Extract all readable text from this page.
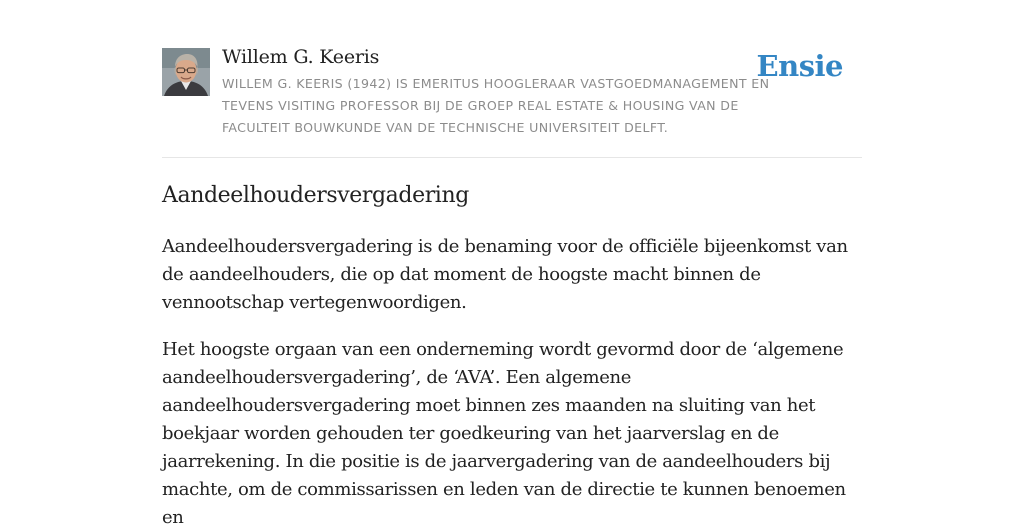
Willem G. Keeris
WILLEM G. KEERIS (1942) IS EMERITUS HOOGLERAAR VASTGOEDMANAGEMENT EN TEVENS VISITING PROFESSOR BIJ DE GROEP REAL ESTATE & HOUSING VAN DE FACULTEIT BOUWKUNDE VAN DE TECHNISCHE UNIVERSITEIT DELFT.
Ensie
Aandeelhoudersvergadering

Aandeelhoudersvergadering is de benaming voor de officiële bijeenkomst van de aandeelhouders, die op dat moment de hoogste macht binnen de vennootschap vertegenwoordigen.

Het hoogste orgaan van een onderneming wordt gevormd door de ‘algemene aandeelhoudersvergadering’, de ‘AVA’. Een algemene aandeelhoudersvergadering moet binnen zes maanden na sluiting van het boekjaar worden gehouden ter goedkeuring van het jaarverslag en de jaarrekening. In die positie is de jaarvergadering van de aandeelhouders bij machte, om de commissarissen en leden van de directie te kunnen benoemen en
